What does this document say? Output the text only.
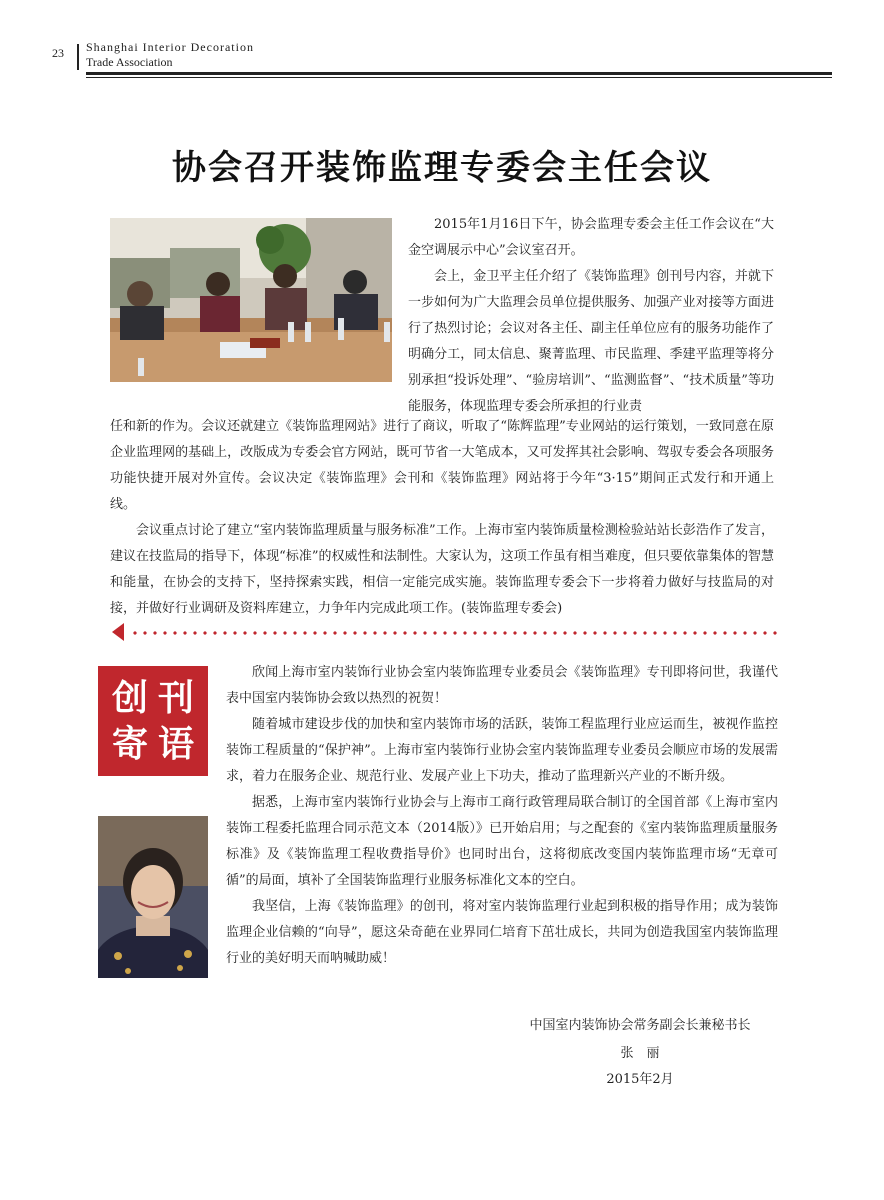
23 Shanghai Interior Decoration
Trade Association
协会召开装饰监理专委会主任会议

2015年1月16日下午，协会监理专委会主任工作会议在“大金空调展示中心”会议室召开。

会上，金卫平主任介绍了《装饰监理》创刊号内容，并就下一步如何为广大监理会员单位提供服务、加强产业对接等方面进行了热烈讨论；会议对各主任、副主任单位应有的服务功能作了明确分工，同太信息、聚菁监理、市民监理、季建平监理等将分别承担“投诉处理”、“验房培训”、“监测监督”、“技术质量”等功能服务，体现监理专委会所承担的行业责

任和新的作为。会议还就建立《装饰监理网站》进行了商议，听取了“陈辉监理”专业网站的运行策划，一致同意在原企业监理网的基础上，改版成为专委会官方网站，既可节省一大笔成本，又可发挥其社会影响、驾驭专委会各项服务功能快捷开展对外宣传。会议决定《装饰监理》会刊和《装饰监理》网站将于今年“3·15”期间正式发行和开通上线。

会议重点讨论了建立“室内装饰监理质量与服务标准”工作。上海市室内装饰质量检测检验站站长彭浩作了发言，建议在技监局的指导下，体现“标准”的权威性和法制性。大家认为，这项工作虽有相当难度，但只要依靠集体的智慧和能量，在协会的支持下，坚持探索实践，相信一定能完成实施。装饰监理专委会下一步将着力做好与技监局的对接，并做好行业调研及资料库建立，力争年内完成此项工作。(装饰监理专委会)

创 刊
寄 语

欣闻上海市室内装饰行业协会室内装饰监理专业委员会《装饰监理》专刊即将问世，我谨代表中国室内装饰协会致以热烈的祝贺！

随着城市建设步伐的加快和室内装饰市场的活跃，装饰工程监理行业应运而生，被视作监控装饰工程质量的“保护神”。上海市室内装饰行业协会室内装饰监理专业委员会顺应市场的发展需求，着力在服务企业、规范行业、发展产业上下功夫，推动了监理新兴产业的不断升级。

据悉，上海市室内装饰行业协会与上海市工商行政管理局联合制订的全国首部《上海市室内装饰工程委托监理合同示范文本（2014版）》已开始启用；与之配套的《室内装饰监理质量服务标准》及《装饰监理工程收费指导价》也同时出台，这将彻底改变国内装饰监理市场“无章可循”的局面，填补了全国装饰监理行业服务标准化文本的空白。

我坚信，上海《装饰监理》的创刊，将对室内装饰监理行业起到积极的指导作用；成为装饰监理企业信赖的“向导”，愿这朵奇葩在业界同仁培育下茁壮成长，共同为创造我国室内装饰监理行业的美好明天而呐喊助威！

中国室内装饰协会常务副会长兼秘书长
张　丽
2015年2月
